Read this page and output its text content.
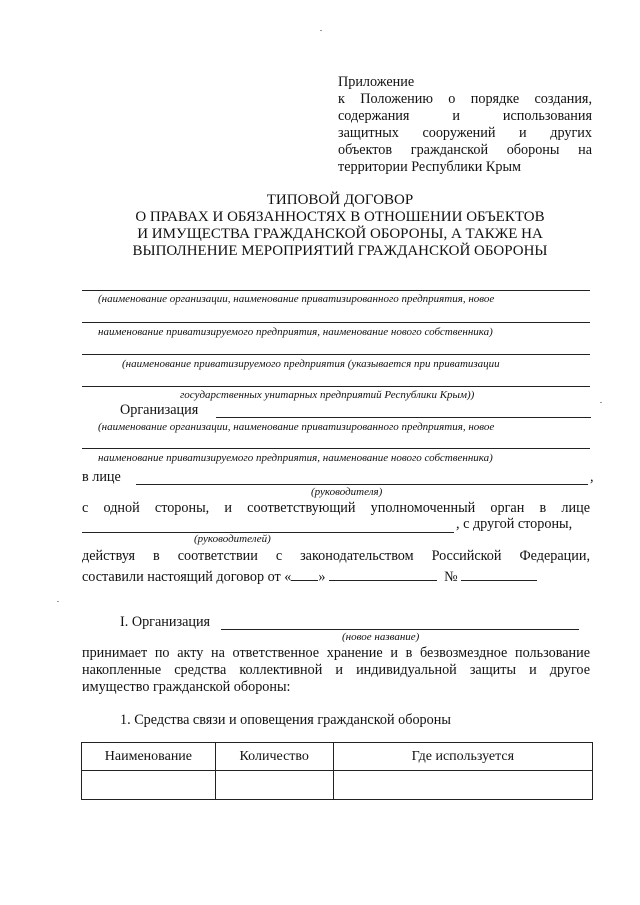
Приложение
к Положению о порядке создания,
содержания и использования
защитных сооружений и других
объектов гражданской обороны на
территории Республики Крым
ТИПОВОЙ ДОГОВОР
О ПРАВАХ И ОБЯЗАННОСТЯХ В ОТНОШЕНИИ ОБЪЕКТОВ
И ИМУЩЕСТВА ГРАЖДАНСКОЙ ОБОРОНЫ, А ТАКЖЕ НА
ВЫПОЛНЕНИЕ МЕРОПРИЯТИЙ ГРАЖДАНСКОЙ ОБОРОНЫ
(наименование организации, наименование приватизированного предприятия, новое
наименование приватизируемого предприятия, наименование нового собственника)
(наименование приватизируемого предприятия (указывается при приватизации
государственных унитарных предприятий Республики Крым))
Организация
(наименование организации, наименование приватизированного предприятия, новое
наименование приватизируемого предприятия, наименование нового собственника)
в лице	,
(руководителя)
с одной стороны, и соответствующий уполномоченный орган в лице
, с другой стороны,
(руководителей)
действуя в соответствии с законодательством Российской Федерации,
составили настоящий договор от « »	№
I. Организация
(новое название)
принимает по акту на ответственное хранение и в безвозмездное пользование
накопленные средства коллективной и индивидуальной защиты и другое
имущество гражданской обороны:
1. Средства связи и оповещения гражданской обороны
Наименование	Количество	Где используется
